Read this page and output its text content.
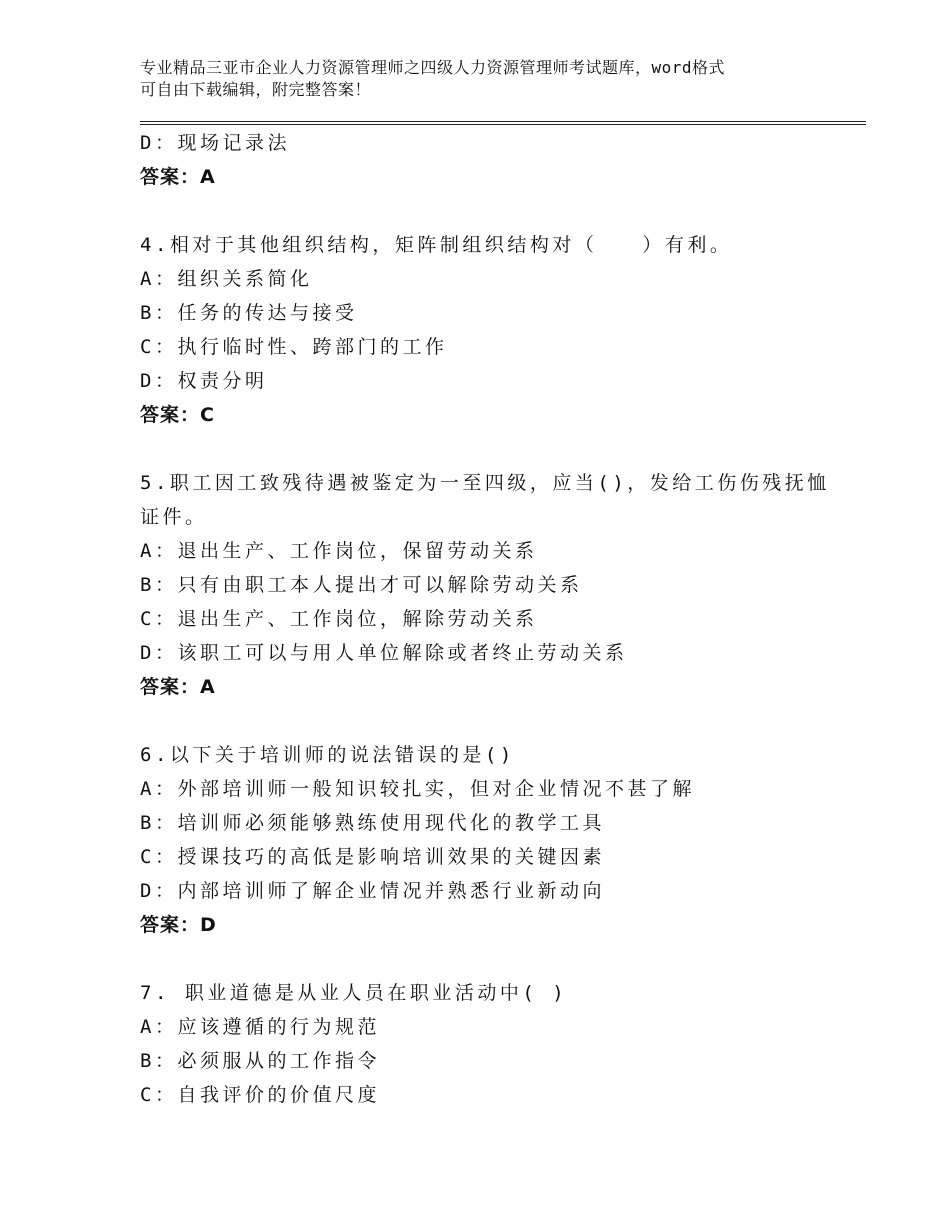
专业精品三亚市企业人力资源管理师之四级人力资源管理师考试题库，word格式
可自由下载编辑，附完整答案！
D：现场记录法
答案：A
4.相对于其他组织结构，矩阵制组织结构对（　　）有利。
A：组织关系简化
B：任务的传达与接受
C：执行临时性、跨部门的工作
D：权责分明
答案：C
5.职工因工致残待遇被鉴定为一至四级，应当()，发给工伤伤残抚恤
证件。
A：退出生产、工作岗位，保留劳动关系
B：只有由职工本人提出才可以解除劳动关系
C：退出生产、工作岗位，解除劳动关系
D：该职工可以与用人单位解除或者终止劳动关系
答案：A
6.以下关于培训师的说法错误的是()
A：外部培训师一般知识较扎实，但对企业情况不甚了解
B：培训师必须能够熟练使用现代化的教学工具
C：授课技巧的高低是影响培训效果的关键因素
D：内部培训师了解企业情况并熟悉行业新动向
答案：D
7. 职业道德是从业人员在职业活动中( )
A：应该遵循的行为规范
B：必须服从的工作指令
C：自我评价的价值尺度
